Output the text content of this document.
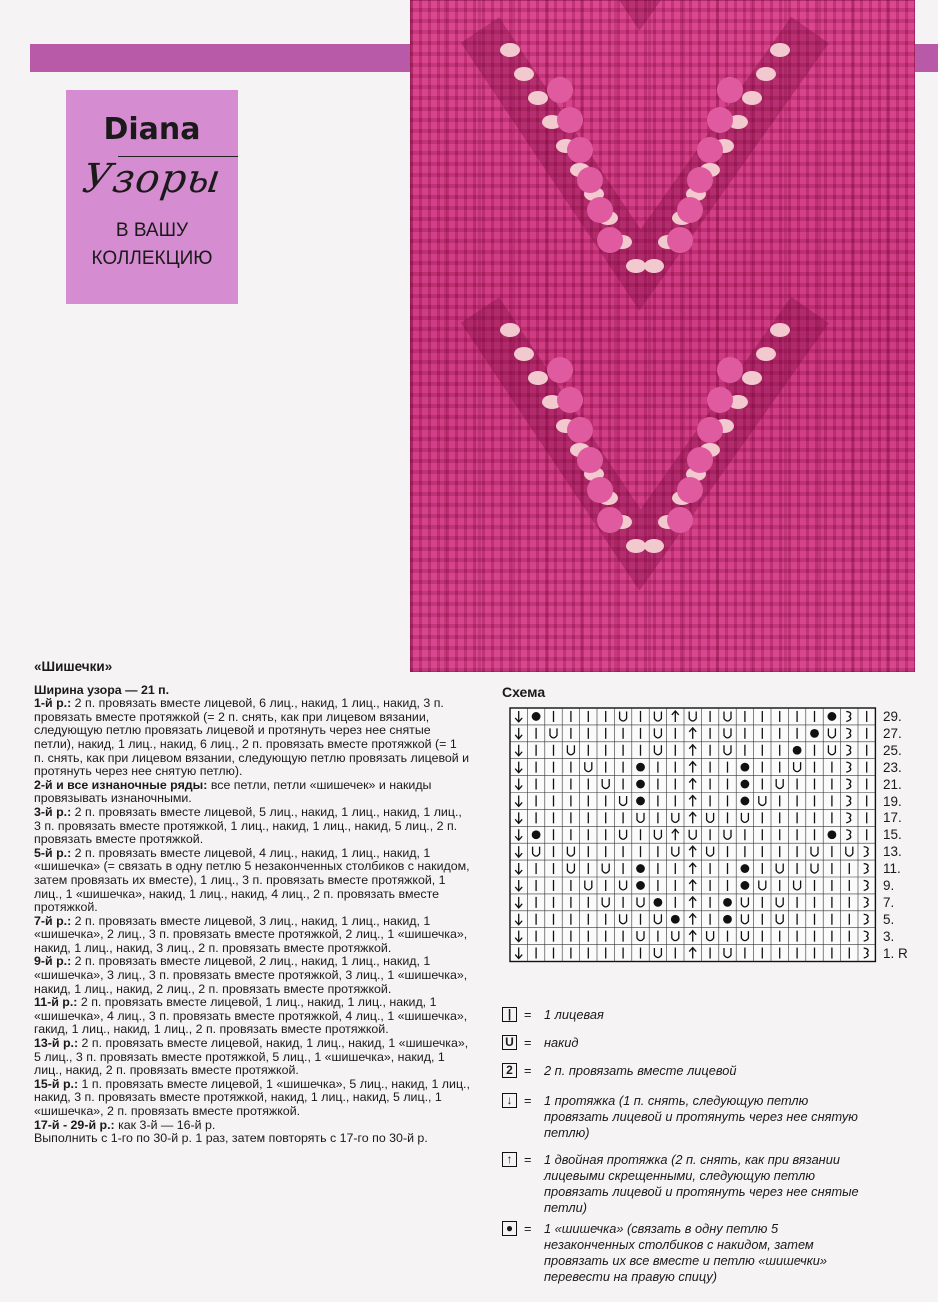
Diana
Узоры
В ВАШУ
КОЛЛЕКЦИЮ

«Шишечки»

Ширина узора — 21 п.

1-й р.: 2 п. провязать вместе лицевой, 6 лиц., накид, 1 лиц., накид, 3 п. провязать вместе протяжкой (= 2 п. снять, как при лицевом вязании, следующую петлю провязать лицевой и протянуть через нее снятые петли), накид, 1 лиц., накид, 6 лиц., 2 п. провязать вместе протяжкой (= 1 п. снять, как при лицевом вязании, следующую петлю провязать лицевой и протянуть через нее снятую петлю).

2-й и все изнаночные ряды: все петли, петли «шишечек» и накиды провязывать изнаночными.

3-й р.: 2 п. провязать вместе лицевой, 5 лиц., накид, 1 лиц., накид, 1 лиц., 3 п. провязать вместе протяжкой, 1 лиц., накид, 1 лиц., накид, 5 лиц., 2 п. провязать вместе протяжкой.

5-й р.: 2 п. провязать вместе лицевой, 4 лиц., накид, 1 лиц., накид, 1 «шишечка» (= связать в одну петлю 5 незаконченных столбиков с накидом, затем провязать их вместе), 1 лиц., 3 п. провязать вместе протяжкой, 1 лиц., 1 «шишечка», накид, 1 лиц., накид, 4 лиц., 2 п. провязать вместе протяжкой.

7-й р.: 2 п. провязать вместе лицевой, 3 лиц., накид, 1 лиц., накид, 1 «шишечка», 2 лиц., 3 п. провязать вместе протяжкой, 2 лиц., 1 «шишечка», накид, 1 лиц., накид, 3 лиц., 2 п. провязать вместе протяжкой.

9-й р.: 2 п. провязать вместе лицевой, 2 лиц., накид, 1 лиц., накид, 1 «шишечка», 3 лиц., 3 п. провязать вместе протяжкой, 3 лиц., 1 «шишечка», накид, 1 лиц., накид, 2 лиц., 2 п. провязать вместе протяжкой.

11-й р.: 2 п. провязать вместе лицевой, 1 лиц., накид, 1 лиц., накид, 1 «шишечка», 4 лиц., 3 п. провязать вместе протяжкой, 4 лиц., 1 «шишечка», гакид, 1 лиц., накид, 1 лиц., 2 п. провязать вместе протяжкой.

13-й р.: 2 п. провязать вместе лицевой, накид, 1 лиц., накид, 1 «шишечка», 5 лиц., 3 п. провязать вместе протяжкой, 5 лиц., 1 «шишечка», накид, 1 лиц., накид, 2 п. провязать вместе протяжкой.

15-й р.: 1 п. провязать вместе лицевой, 1 «шишечка», 5 лиц., накид, 1 лиц., накид, 3 п. провязать вместе протяжкой, накид, 1 лиц., накид, 5 лиц., 1 «шишечка», 2 п. провязать вместе протяжкой.

17-й - 29-й р.: как 3-й — 16-й р.

Выполнить с 1-го по 30-й р. 1 раз, затем повторять с 17-го по 30-й р.

Схема
29.
27.
25.
23.
21.
19.
17.
15.
13.
11.
9.
7.
5.
3.
1. R
|	= 1 лицевая
U = накид
2 = 2 п. провязать вместе лицевой
↓ = 1 протяжка (1 п. снять, следующую петлю провязать лицевой и протянуть через нее снятую петлю)
↑ = 1 двойная протяжка (2 п. снять, как при вязании лицевыми скрещенными, следующую петлю провязать лицевой и протянуть через нее снятые петли)
● = 1 «шишечка» (связать в одну петлю 5 незаконченных столбиков с накидом, затем провязать их все вместе и петлю «шишечки» перевести на правую спицу)
